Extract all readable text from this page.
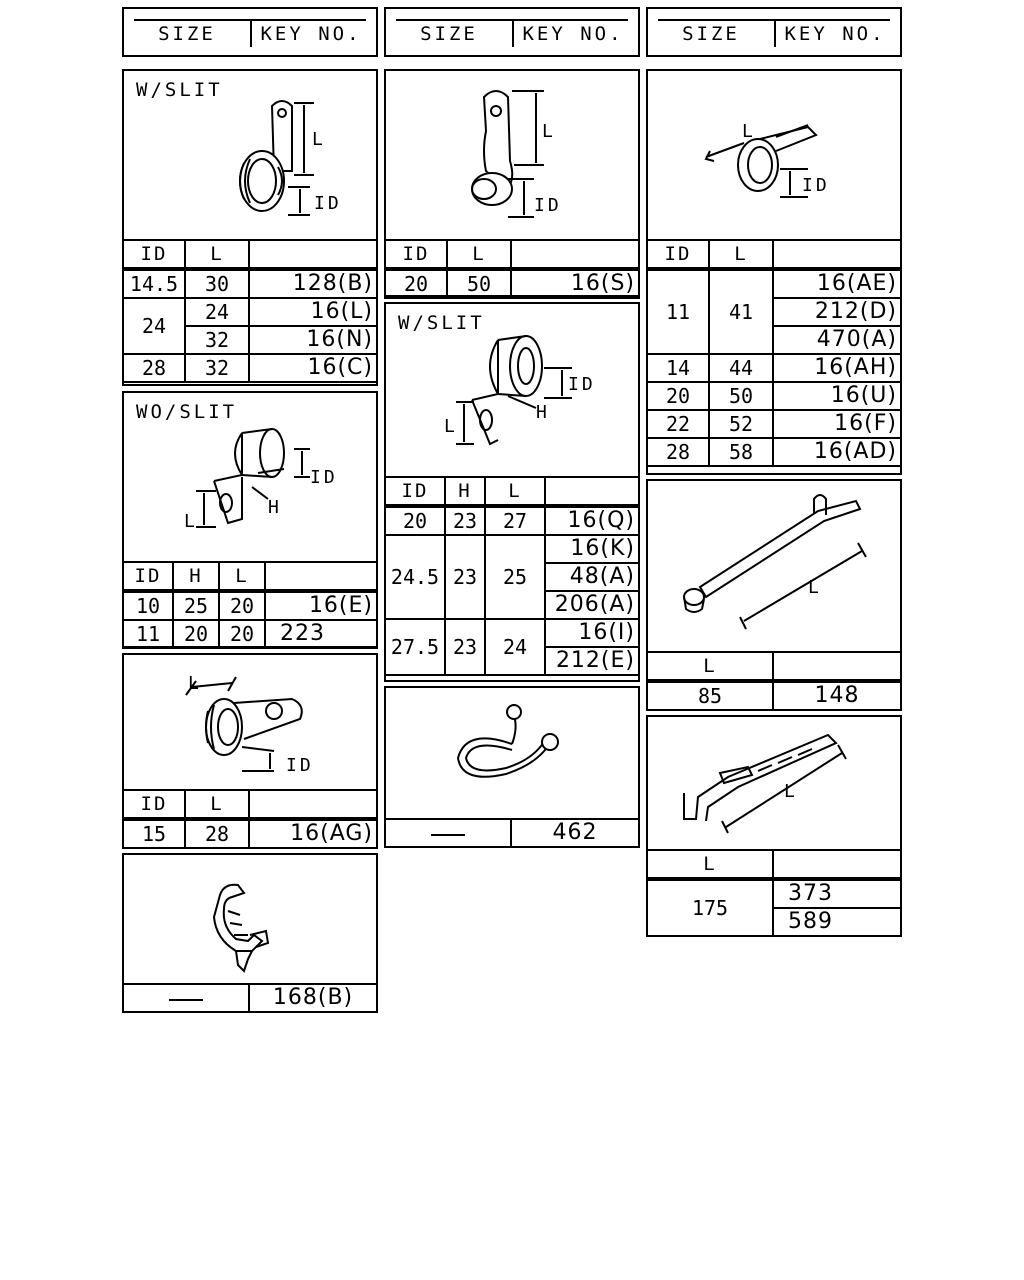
SIZE	KEY NO.	SIZE	KEY NO.	SIZE	KEY NO.
W/SLIT
L
ID
ID	L	
14.5	30	128(B)
24	24	16(L)
	32	16(N)
28	32	16(C)
WO/SLIT
ID
H
L
ID	H	L	
10	25	20	16(E)
11	20	20	223
L
ID
ID	L	
15	28	16(AG)
	168(B)
L
ID
ID	L	
20	50	16(S)
W/SLIT
ID
H
L
ID	H	L	
20	23	27	16(Q)
24.5	23	25	16(K)
			48(A)
			206(A)
27.5	23	24	16(I)
			212(E)
	462
L
ID
ID	L	
11	41	16(AE)
		212(D)
		470(A)
14	44	16(AH)
20	50	16(U)
22	52	16(F)
28	58	16(AD)
L
L	
85	148
L
L	
175	373
	589
